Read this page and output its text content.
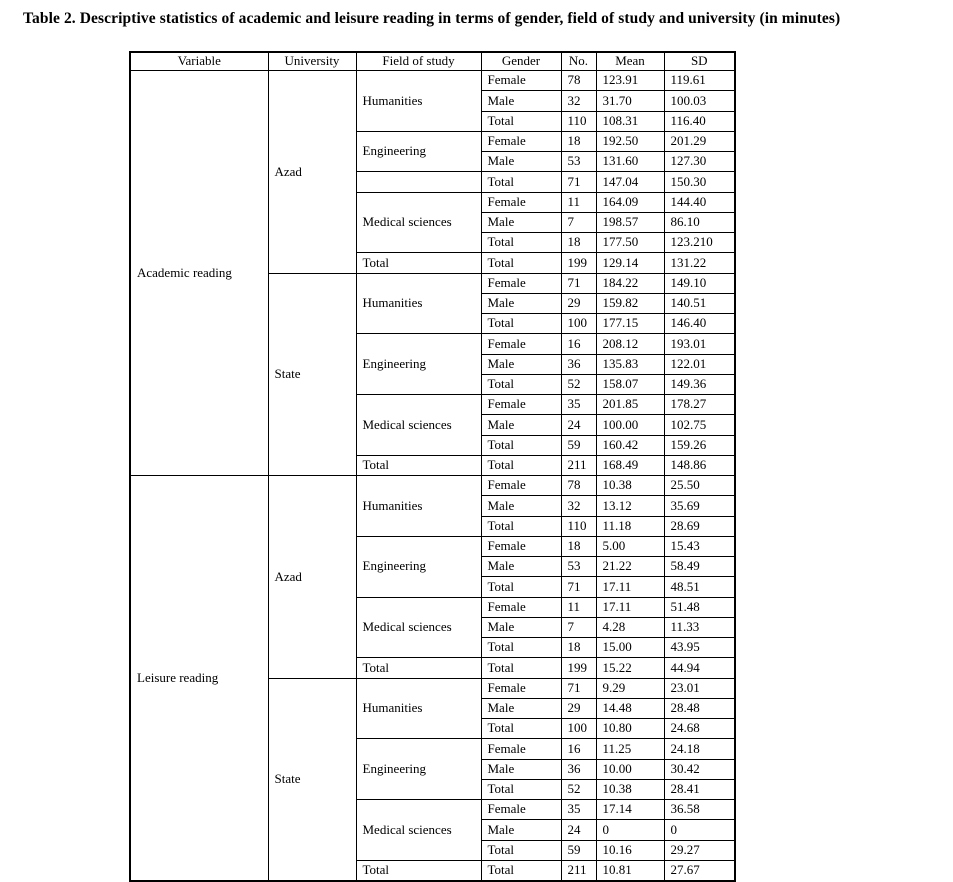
Table 2. Descriptive statistics of academic and leisure reading in terms of gender, field of study and university (in minutes)
Variable	University	Field of study	Gender	No.	Mean	SD
Academic reading	Azad	Humanities	Female	78	123.91	119.61
			Male	32	31.70	100.03
			Total	110	108.31	116.40
		Engineering	Female	18	192.50	201.29
			Male	53	131.60	127.30
			Total	71	147.04	150.30
		Medical sciences	Female	11	164.09	144.40
			Male	7	198.57	86.10
			Total	18	177.50	123.210
		Total	Total	199	129.14	131.22
	State	Humanities	Female	71	184.22	149.10
			Male	29	159.82	140.51
			Total	100	177.15	146.40
		Engineering	Female	16	208.12	193.01
			Male	36	135.83	122.01
			Total	52	158.07	149.36
		Medical sciences	Female	35	201.85	178.27
			Male	24	100.00	102.75
			Total	59	160.42	159.26
		Total	Total	211	168.49	148.86
Leisure reading	Azad	Humanities	Female	78	10.38	25.50
			Male	32	13.12	35.69
			Total	110	11.18	28.69
		Engineering	Female	18	5.00	15.43
			Male	53	21.22	58.49
			Total	71	17.11	48.51
		Medical sciences	Female	11	17.11	51.48
			Male	7	4.28	11.33
			Total	18	15.00	43.95
		Total	Total	199	15.22	44.94
	State	Humanities	Female	71	9.29	23.01
			Male	29	14.48	28.48
			Total	100	10.80	24.68
		Engineering	Female	16	11.25	24.18
			Male	36	10.00	30.42
			Total	52	10.38	28.41
		Medical sciences	Female	35	17.14	36.58
			Male	24	0	0
			Total	59	10.16	29.27
		Total	Total	211	10.81	27.67
